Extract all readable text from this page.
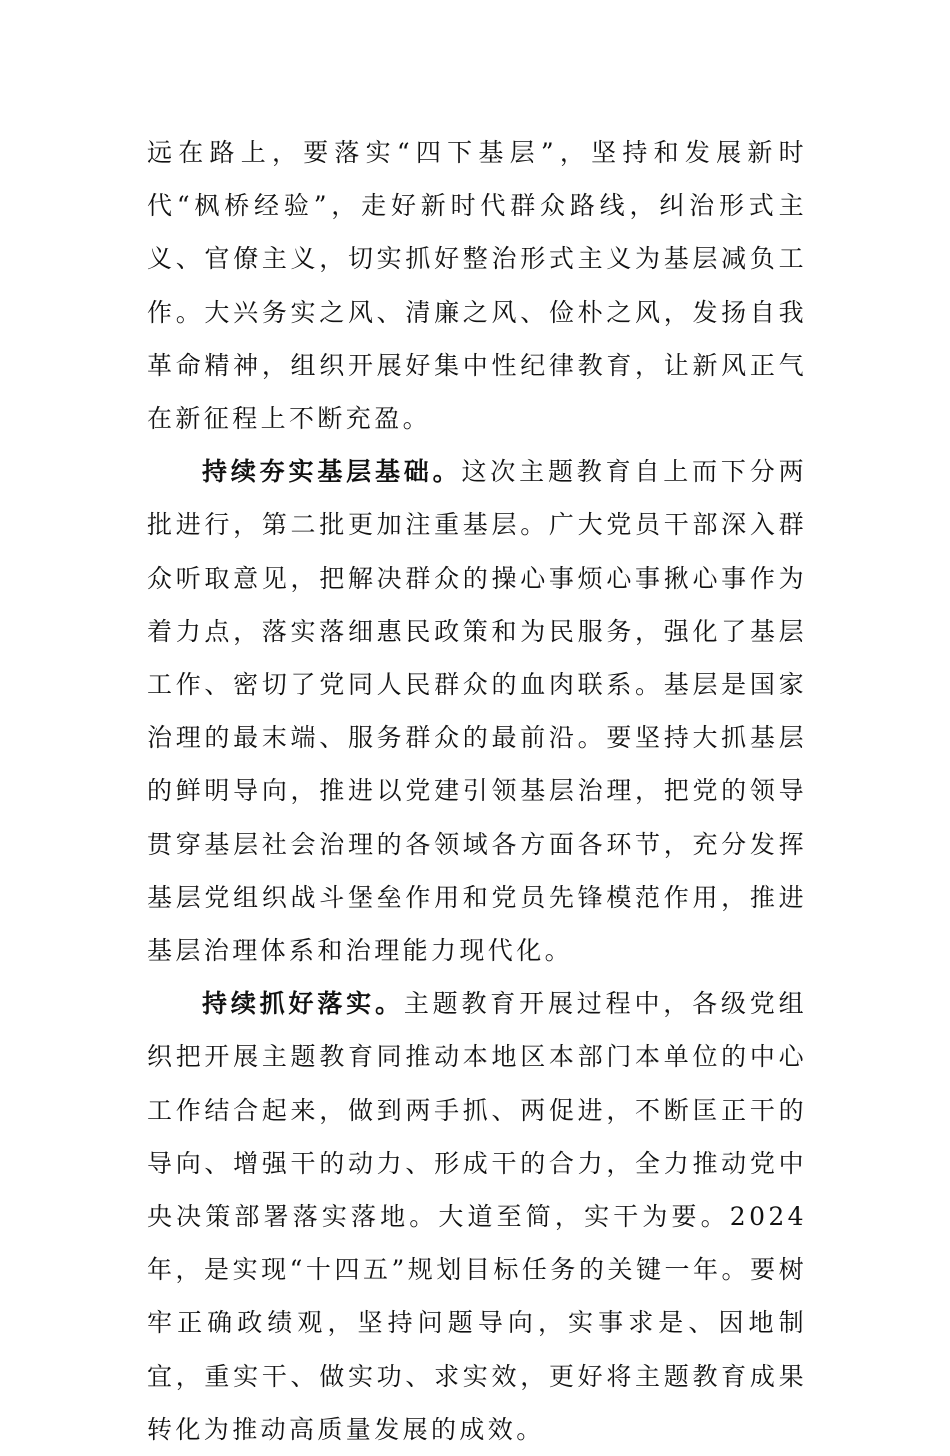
远在路上，要落实“四下基层”，坚持和发展新时代“枫桥经验”，走好新时代群众路线，纠治形式主义、官僚主义，切实抓好整治形式主义为基层减负工作。大兴务实之风、清廉之风、俭朴之风，发扬自我革命精神，组织开展好集中性纪律教育，让新风正气在新征程上不断充盈。

持续夯实基层基础。这次主题教育自上而下分两批进行，第二批更加注重基层。广大党员干部深入群众听取意见，把解决群众的操心事烦心事揪心事作为着力点，落实落细惠民政策和为民服务，强化了基层工作、密切了党同人民群众的血肉联系。基层是国家治理的最末端、服务群众的最前沿。要坚持大抓基层的鲜明导向，推进以党建引领基层治理，把党的领导贯穿基层社会治理的各领域各方面各环节，充分发挥基层党组织战斗堡垒作用和党员先锋模范作用，推进基层治理体系和治理能力现代化。

持续抓好落实。主题教育开展过程中，各级党组织把开展主题教育同推动本地区本部门本单位的中心工作结合起来，做到两手抓、两促进，不断匡正干的导向、增强干的动力、形成干的合力，全力推动党中央决策部署落实落地。大道至简，实干为要。2024年，是实现“十四五”规划目标任务的关键一年。要树牢正确政绩观，坚持问题导向，实事求是、因地制宜，重实干、做实功、求实效，更好将主题教育成果转化为推动高质量发展的成效。
